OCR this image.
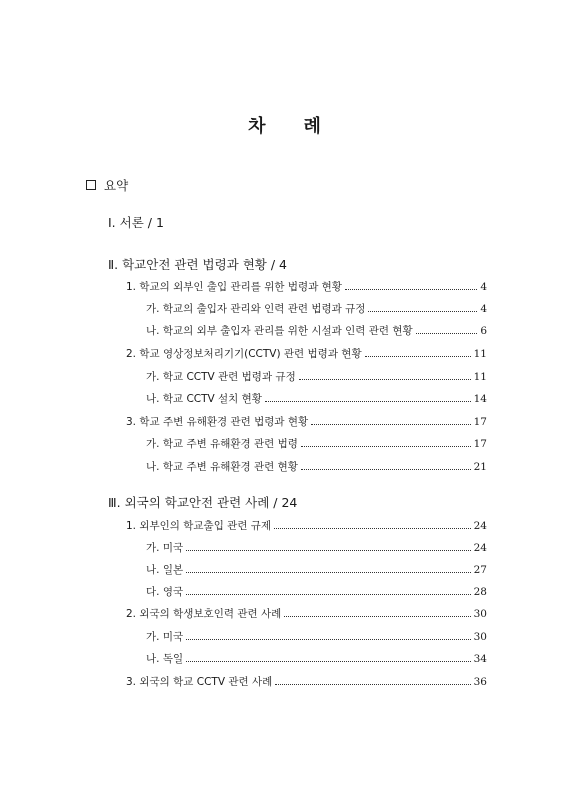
차 례
요약
Ⅰ. 서론 / 1
Ⅱ. 학교안전 관련 법령과 현황 / 4
1. 학교의 외부인 출입 관리를 위한 법령과 현황	4
가. 학교의 출입자 관리와 인력 관련 법령과 규정	4
나. 학교의 외부 출입자 관리를 위한 시설과 인력 관련 현황	6
2. 학교 영상정보처리기기(CCTV) 관련 법령과 현황	11
가. 학교 CCTV 관련 법령과 규정	11
나. 학교 CCTV 설치 현황	14
3. 학교 주변 유해환경 관련 법령과 현황	17
가. 학교 주변 유해환경 관련 법령	17
나. 학교 주변 유해환경 관련 현황	21
Ⅲ. 외국의 학교안전 관련 사례 / 24
1. 외부인의 학교출입 관련 규제	24
가. 미국	24
나. 일본	27
다. 영국	28
2. 외국의 학생보호인력 관련 사례	30
가. 미국	30
나. 독일	34
3. 외국의 학교 CCTV 관련 사례	36
